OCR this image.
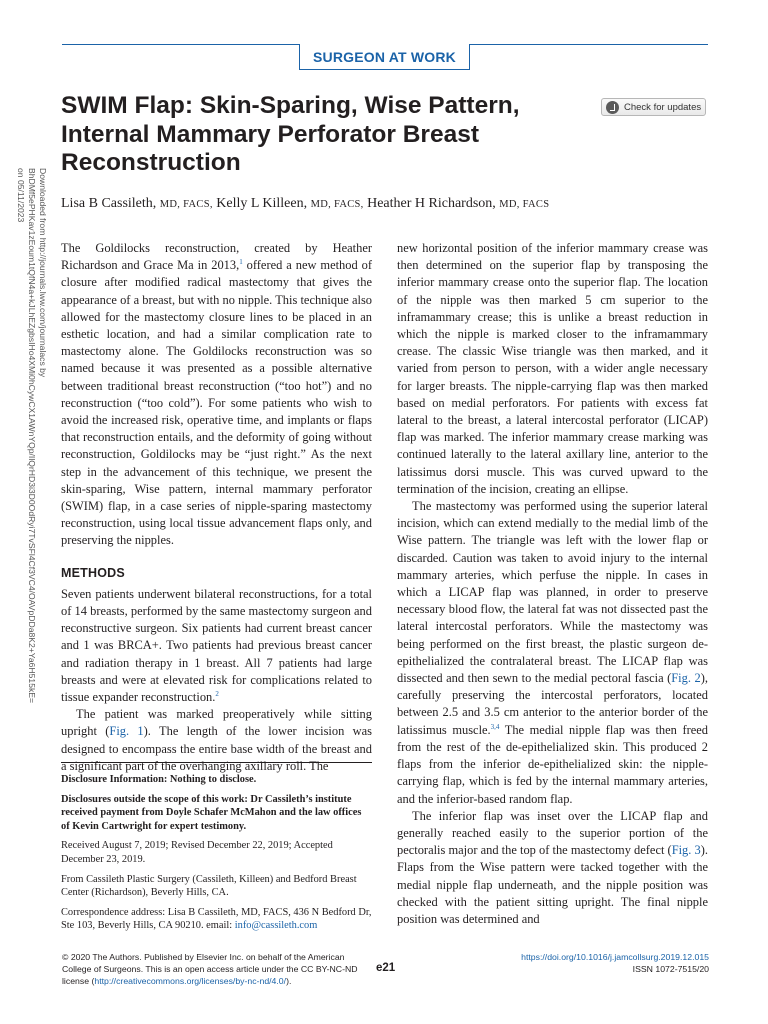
SURGEON AT WORK
SWIM Flap: Skin-Sparing, Wise Pattern,
Internal Mammary Perforator Breast
Reconstruction
Check for updates
Downloaded from http://journals.lww.com/journalacs by BhDMf5ePHKav1zEoum1tQfN4a+kJLhEZgbsIHo4XMi0hCywCX1AWnYQp/IlQrHD3i3D0OdRyi7TvSFl4Cf3VC4/OAVpDDa8K2+Ya6H515kE= on 05/11/2023	Lisa B Cassileth, MD, FACS, Kelly L Killeen, MD, FACS, Heather H Richardson, MD, FACS

The Goldilocks reconstruction, created by Heather Richardson and Grace Ma in 2013,$^1$ offered a new method of closure after modified radical mastectomy that gives the appearance of a breast, but with no nipple. This technique also allowed for the mastectomy closure lines to be placed in an esthetic location, and had a similar complication rate to mastectomy alone. The Goldilocks reconstruction was so named because it was presented as a possible alternative between traditional breast reconstruction (“too hot”) and no reconstruction (“too cold”). For some patients who wish to avoid the increased risk, operative time, and implants or flaps that reconstruction entails, and the deformity of going without reconstruction, Goldilocks may be “just right.” As the next step in the advancement of this technique, we present the skin-sparing, Wise pattern, internal mammary perforator (SWIM) flap, in a case series of nipple-sparing mastectomy reconstruction, using local tissue advancement flaps only, and preserving the nipples.

METHODS

Seven patients underwent bilateral reconstructions, for a total of 14 breasts, performed by the same mastectomy surgeon and reconstructive surgeon. Six patients had current breast cancer and 1 was BRCA+. Two patients had previous breast cancer and radiation therapy in 1 breast. All 7 patients had large breasts and were at elevated risk for complications related to tissue expander reconstruction.$^2$

The patient was marked preoperatively while sitting upright (Fig. 1). The length of the lower incision was designed to encompass the entire base width of the breast and a significant part of the overhanging axillary roll. The

new horizontal position of the inferior mammary crease was then determined on the superior flap by transposing the inferior mammary crease onto the superior flap. The location of the nipple was then marked 5 cm superior to the inframammary crease; this is unlike a breast reduction in which the nipple is marked closer to the inframammary crease. The classic Wise triangle was then marked, and it varied from person to person, with a wider angle necessary for larger breasts. The nipple-carrying flap was then marked based on medial perforators. For patients with excess fat lateral to the breast, a lateral intercostal perforator (LICAP) flap was marked. The inferior mammary crease marking was continued laterally to the lateral axillary line, anterior to the latissimus dorsi muscle. This was curved upward to the termination of the incision, creating an ellipse.

The mastectomy was performed using the superior lateral incision, which can extend medially to the medial limb of the Wise pattern. The triangle was left with the lower flap or discarded. Caution was taken to avoid injury to the internal mammary arteries, which perfuse the nipple. In cases in which a LICAP flap was planned, in order to preserve necessary blood flow, the lateral fat was not dissected past the lateral intercostal perforators. While the mastectomy was being performed on the first breast, the plastic surgeon de-epithelialized the contralateral breast. The LICAP flap was dissected and then sewn to the medial pectoral fascia (Fig. 2), carefully preserving the intercostal perforators, located between 2.5 and 3.5 cm anterior to the anterior border of the latissimus muscle.$^{3,4}$ The medial nipple flap was then freed from the rest of the de-epithelialized skin. This produced 2 flaps from the inferior de-epithelialized skin: the nipple-carrying flap, which is fed by the internal mammary arteries, and the inferior-based random flap.

The inferior flap was inset over the LICAP flap and generally reached easily to the superior portion of the pectoralis major and the top of the mastectomy defect (Fig. 3). Flaps from the Wise pattern were tacked together with the medial nipple flap underneath, and the nipple position was checked with the patient sitting upright. The final nipple position was determined and

Disclosure Information: Nothing to disclose.

Disclosures outside the scope of this work: Dr Cassileth’s institute received payment from Doyle Schafer McMahon and the law offices of Kevin Cartwright for expert testimony.

Received August 7, 2019; Revised December 22, 2019; Accepted December 23, 2019.

From Cassileth Plastic Surgery (Cassileth, Killeen) and Bedford Breast Center (Richardson), Beverly Hills, CA.

Correspondence address: Lisa B Cassileth, MD, FACS, 436 N Bedford Dr, Ste 103, Beverly Hills, CA 90210. email: info@cassileth.com

© 2020 The Authors. Published by Elsevier Inc. on behalf of the American College of Surgeons. This is an open access article under the CC BY-NC-ND license (http://creativecommons.org/licenses/by-nc-nd/4.0/).
e21
https://doi.org/10.1016/j.jamcollsurg.2019.12.015
ISSN 1072-7515/20
